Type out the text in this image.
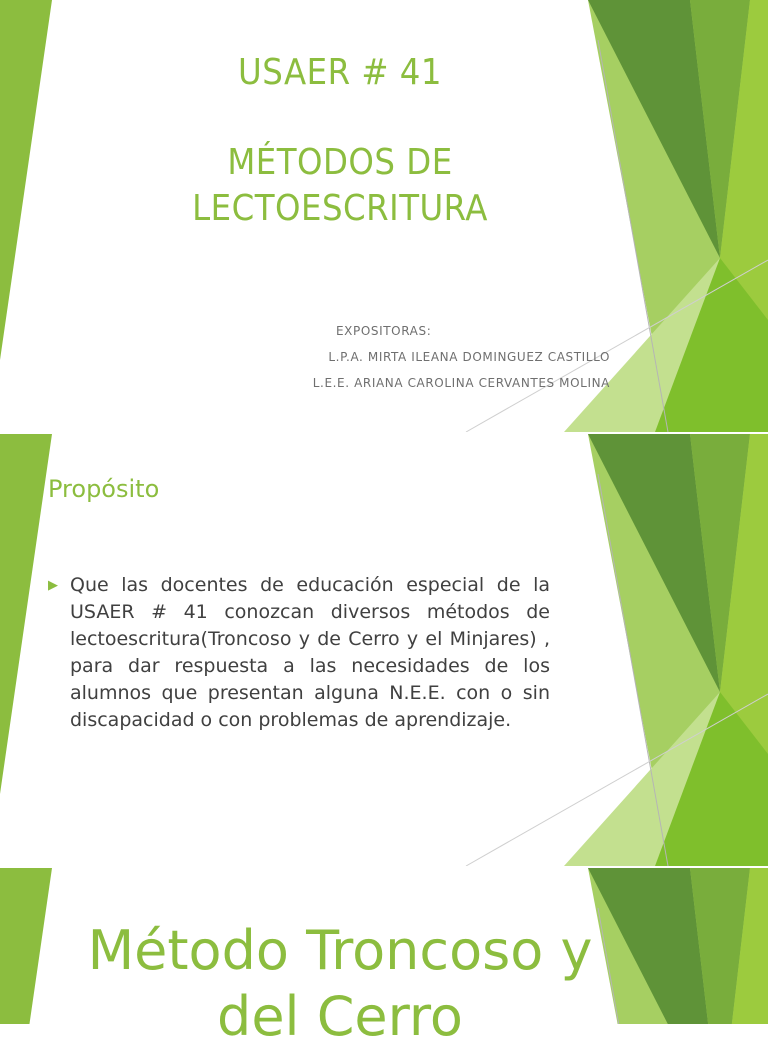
USAER # 41
MÉTODOS DE
LECTOESCRITURA
EXPOSITORAS:
L.P.A. MIRTA ILEANA DOMINGUEZ CASTILLO
L.E.E. ARIANA CAROLINA CERVANTES MOLINA
Propósito
▶ Que las docentes de educación especial de la USAER # 41 conozcan diversos métodos de lectoescritura(Troncoso y de Cerro y el Minjares) , para dar respuesta a las necesidades de los alumnos que presentan alguna N.E.E. con o sin discapacidad o con problemas de aprendizaje.
Método Troncoso y
del Cerro
